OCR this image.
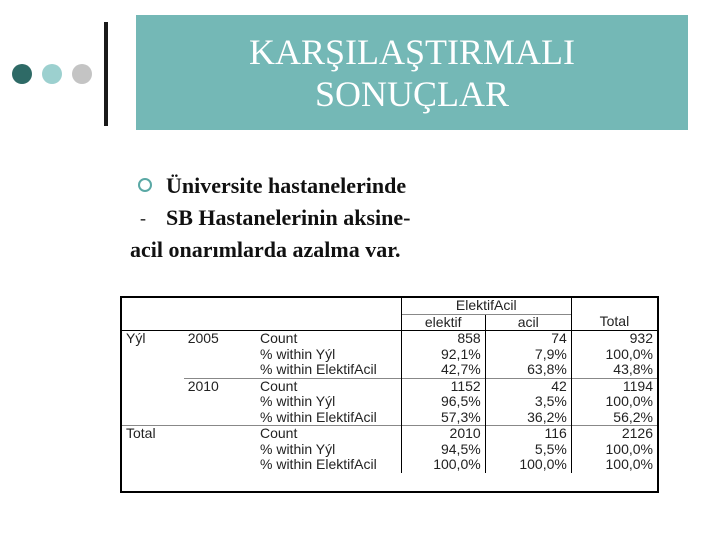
KARŞILAŞTIRMALI
SONUÇLAR
Üniversite hastanelerinde
- SB Hastanelerinin aksine-
acil onarımlarda azalma var.
			ElektifAcil		
			elektif	acil	Total
Yýl	2005	Count	858	74	932
		% within Yýl	92,1%	7,9%	100,0%
		% within ElektifAcil	42,7%	63,8%	43,8%
	2010	Count	1152	42	1194
		% within Yýl	96,5%	3,5%	100,0%
		% within ElektifAcil	57,3%	36,2%	56,2%
Total		Count	2010	116	2126
		% within Yýl	94,5%	5,5%	100,0%
		% within ElektifAcil	100,0%	100,0%	100,0%
